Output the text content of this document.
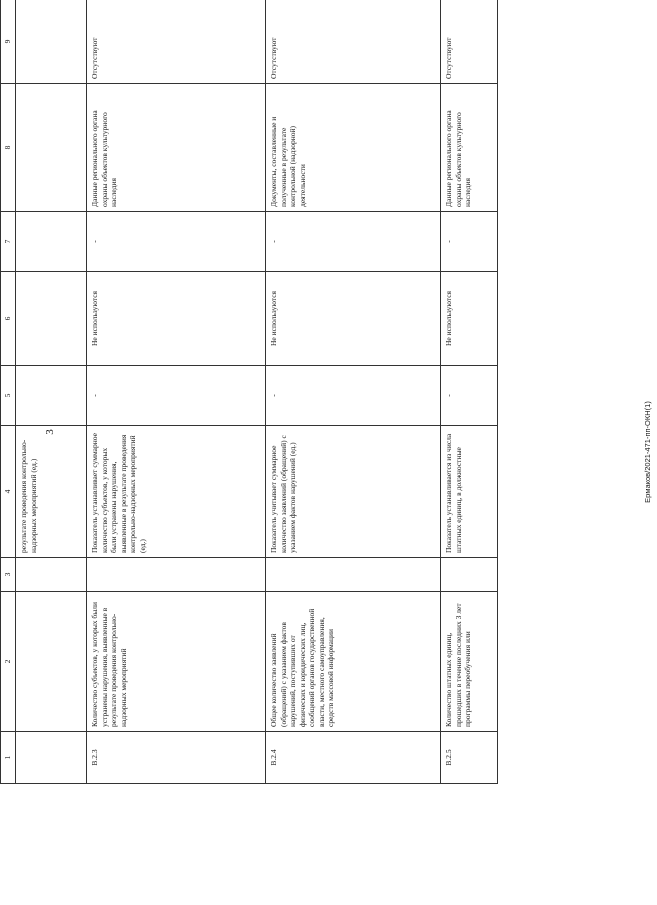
3	Ермаков/2021-471-пп-ОКН(1)
1	2	3	4	5	6	7	8	9
			результате проведения контрольно-надзорных мероприятий (ед.)					
В.2.3	Количество субъектов, у которых были устранены нарушения, выявленные в результате проведения контрольно-надзорных мероприятий		Показатель устанавливает суммарное количество субъектов, у которых были устранены нарушения, выявленные в результате проведения контрольно-надзорных мероприятий (ед.)	-	Не используются	-	Данные регионального органа охраны объектов культурного наследия	Отсутствуют
В.2.4	Общее количество заявлений (обращений) с указанием фактов нарушений, поступивших от физических и юридических лиц, сообщений органов государственной власти, местного самоуправления, средств массовой информации		Показатель учитывает суммарное количество заявлений (обращений) с указанием фактов нарушений (ед.)	-	Не используются	-	Документы, составленные и полученные в результате контрольной (надзорной) деятельности	Отсутствуют
В.2.5	Количество штатных единиц, прошедших в течение последних 3 лет программы переобучения или		Показатель устанавливается из числа штатных единиц, в должностные	-	Не используются	-	Данные регионального органа охраны объектов культурного наследия	Отсутствуют
